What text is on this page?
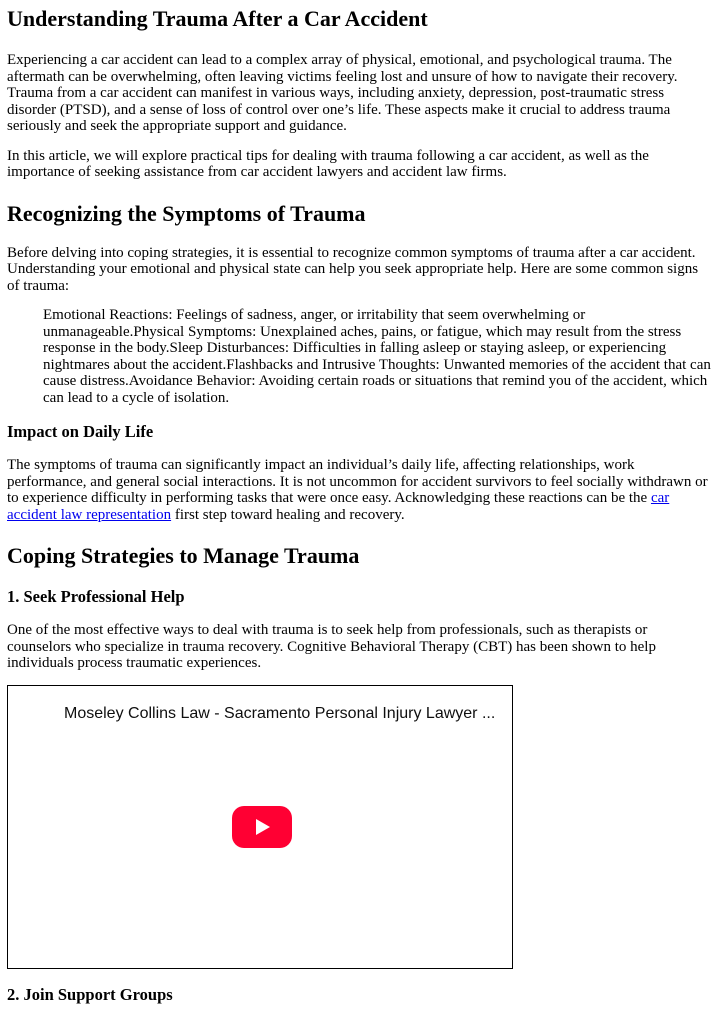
Understanding Trauma After a Car Accident

Experiencing a car accident can lead to a complex array of physical, emotional, and psychological trauma. The aftermath can be overwhelming, often leaving victims feeling lost and unsure of how to navigate their recovery. Trauma from a car accident can manifest in various ways, including anxiety, depression, post-traumatic stress disorder (PTSD), and a sense of loss of control over one’s life. These aspects make it crucial to address trauma seriously and seek the appropriate support and guidance.

In this article, we will explore practical tips for dealing with trauma following a car accident, as well as the importance of seeking assistance from car accident lawyers and accident law firms.

Recognizing the Symptoms of Trauma

Before delving into coping strategies, it is essential to recognize common symptoms of trauma after a car accident. Understanding your emotional and physical state can help you seek appropriate help. Here are some common signs of trauma:

Emotional Reactions: Feelings of sadness, anger, or irritability that seem overwhelming or unmanageable.Physical Symptoms: Unexplained aches, pains, or fatigue, which may result from the stress response in the body.Sleep Disturbances: Difficulties in falling asleep or staying asleep, or experiencing nightmares about the accident.Flashbacks and Intrusive Thoughts: Unwanted memories of the accident that can cause distress.Avoidance Behavior: Avoiding certain roads or situations that remind you of the accident, which can lead to a cycle of isolation.
Impact on Daily Life

The symptoms of trauma can significantly impact an individual’s daily life, affecting relationships, work performance, and general social interactions. It is not uncommon for accident survivors to feel socially withdrawn or to experience difficulty in performing tasks that were once easy. Acknowledging these reactions can be the car accident law representation first step toward healing and recovery.

Coping Strategies to Manage Trauma
1. Seek Professional Help

One of the most effective ways to deal with trauma is to seek help from professionals, such as therapists or counselors who specialize in trauma recovery. Cognitive Behavioral Therapy (CBT) has been shown to help individuals process traumatic experiences.

Moseley Collins Law - Sacramento Personal Injury Lawyer ...
2. Join Support Groups
